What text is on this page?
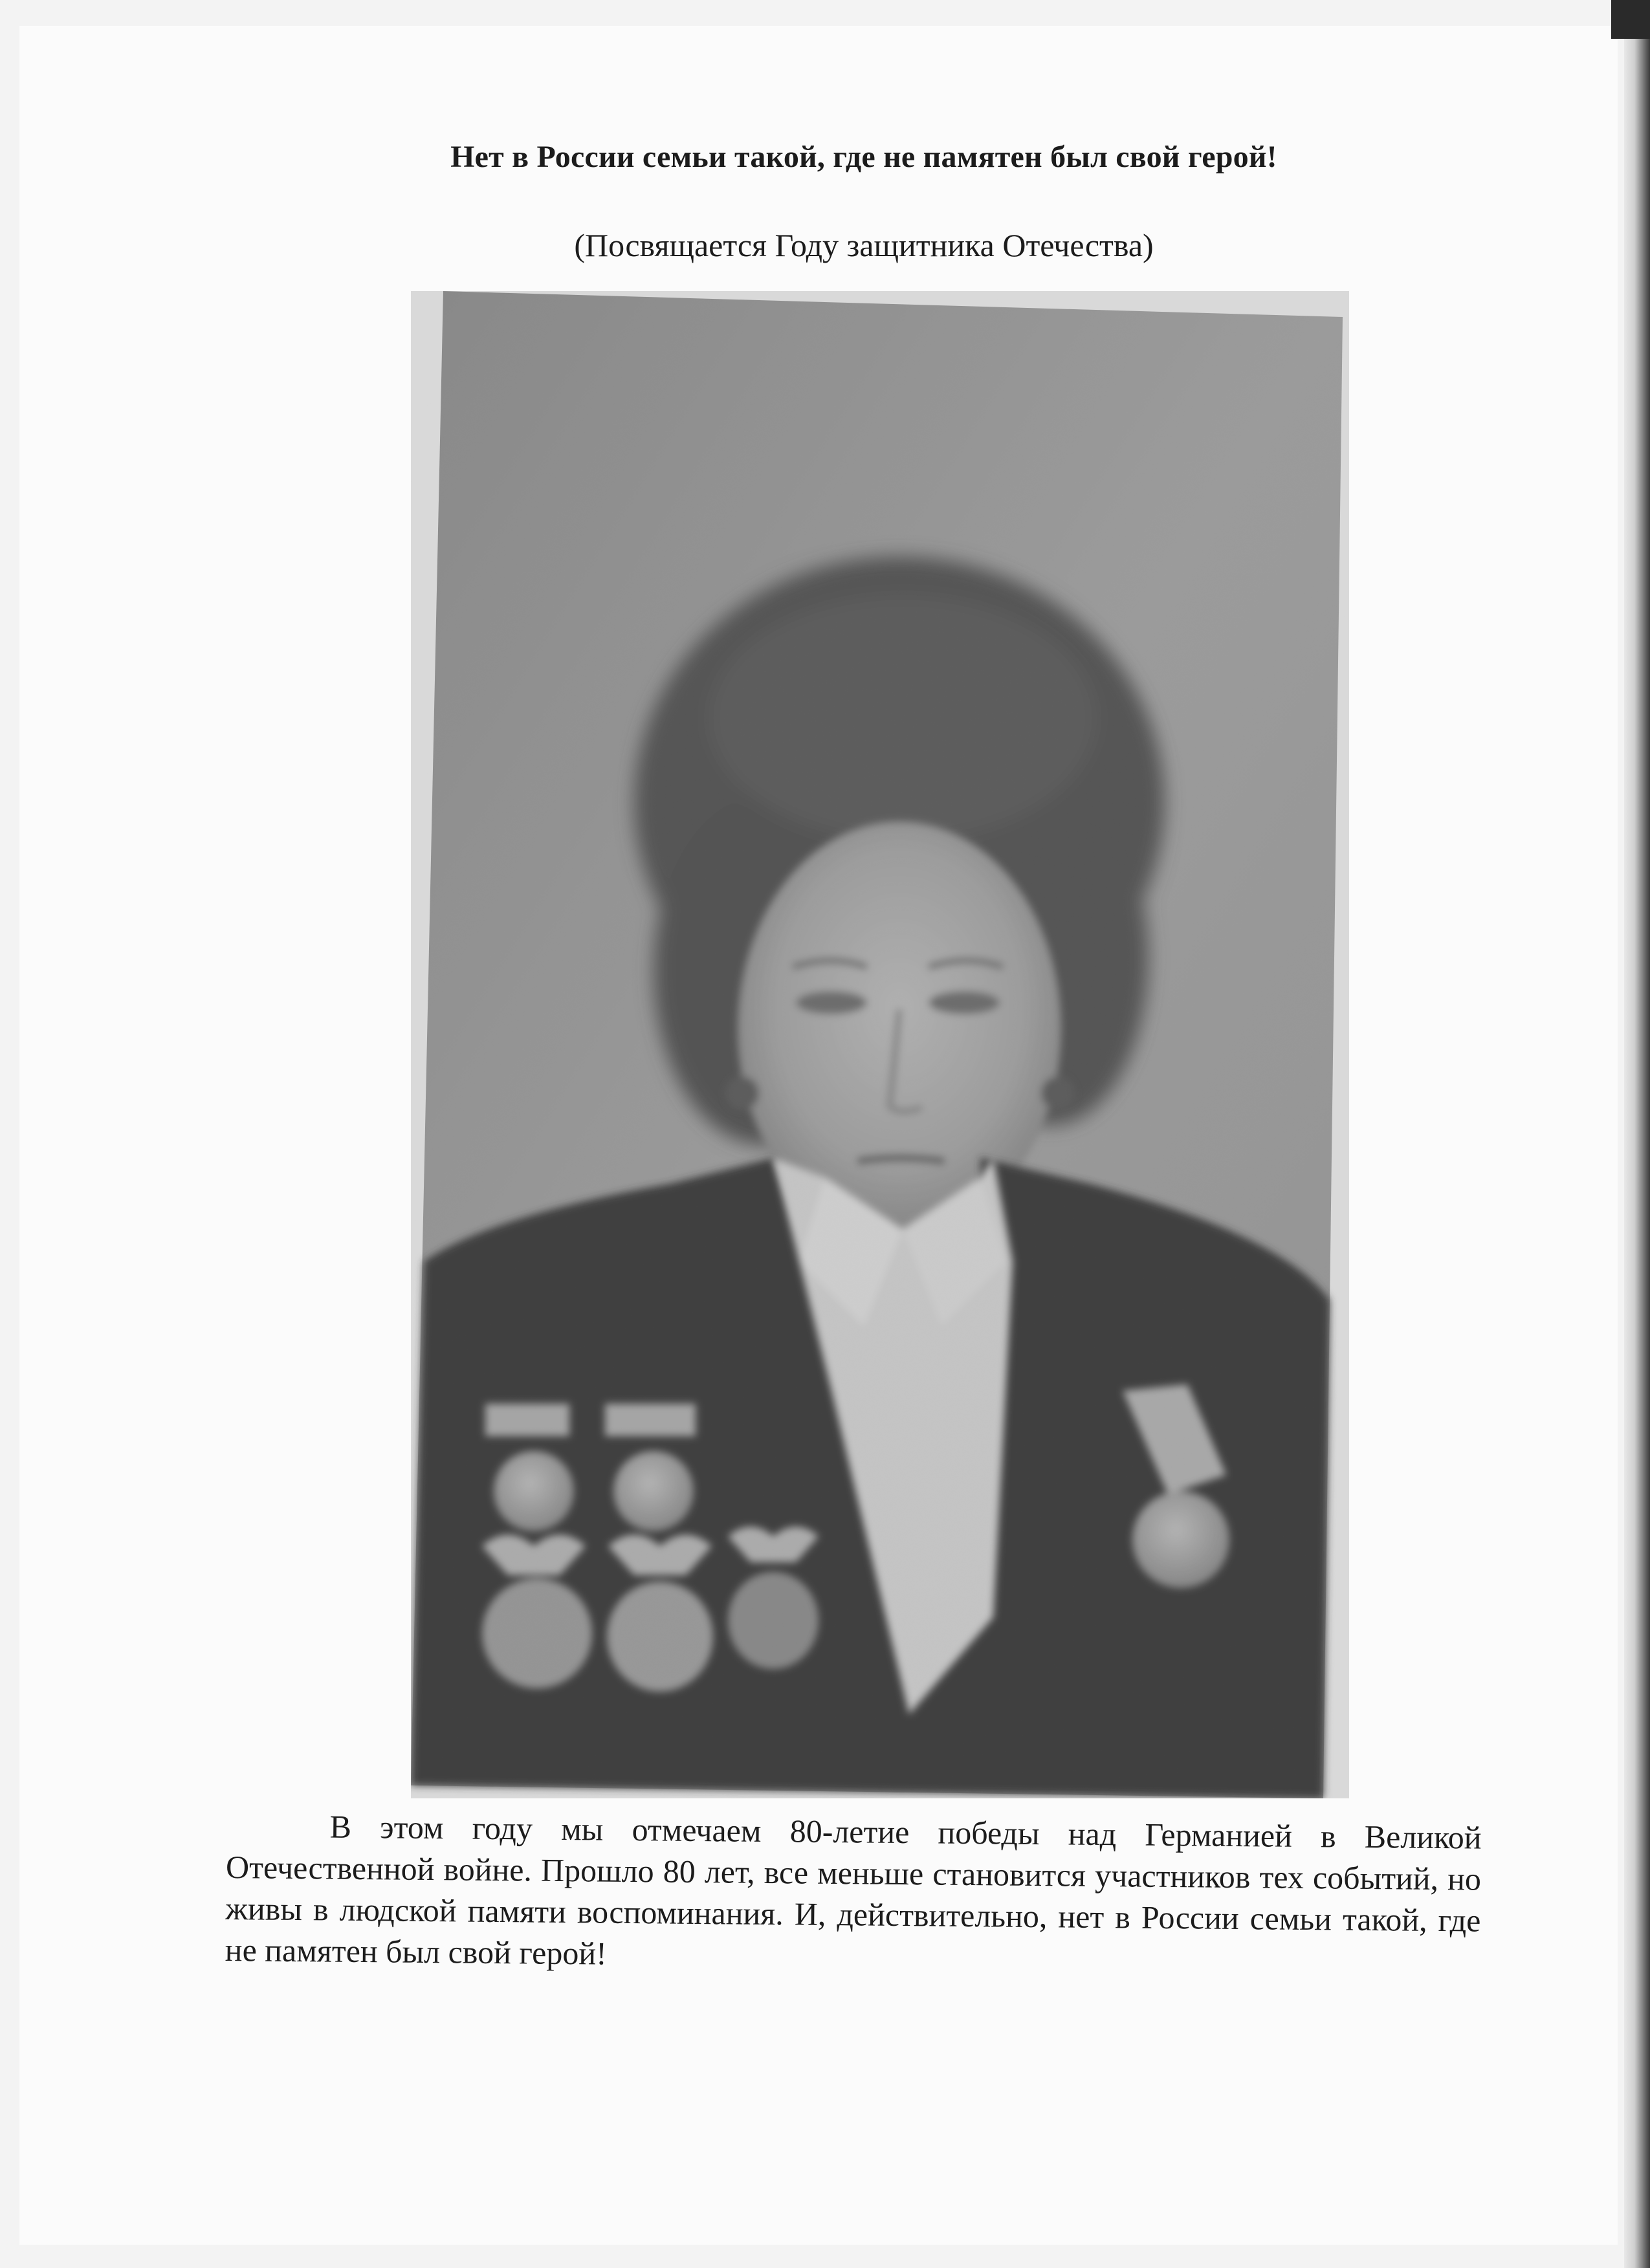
Нет в России семьи такой, где не памятен был свой герой!
(Посвящается Году защитника Отечества)

В этом году мы отмечаем 80-летие победы над Германией в Великой Отечественной войне. Прошло 80 лет, все меньше становится участников тех событий, но живы в людской памяти воспоминания. И, действительно, нет в России семьи такой, где не памятен был свой герой!
